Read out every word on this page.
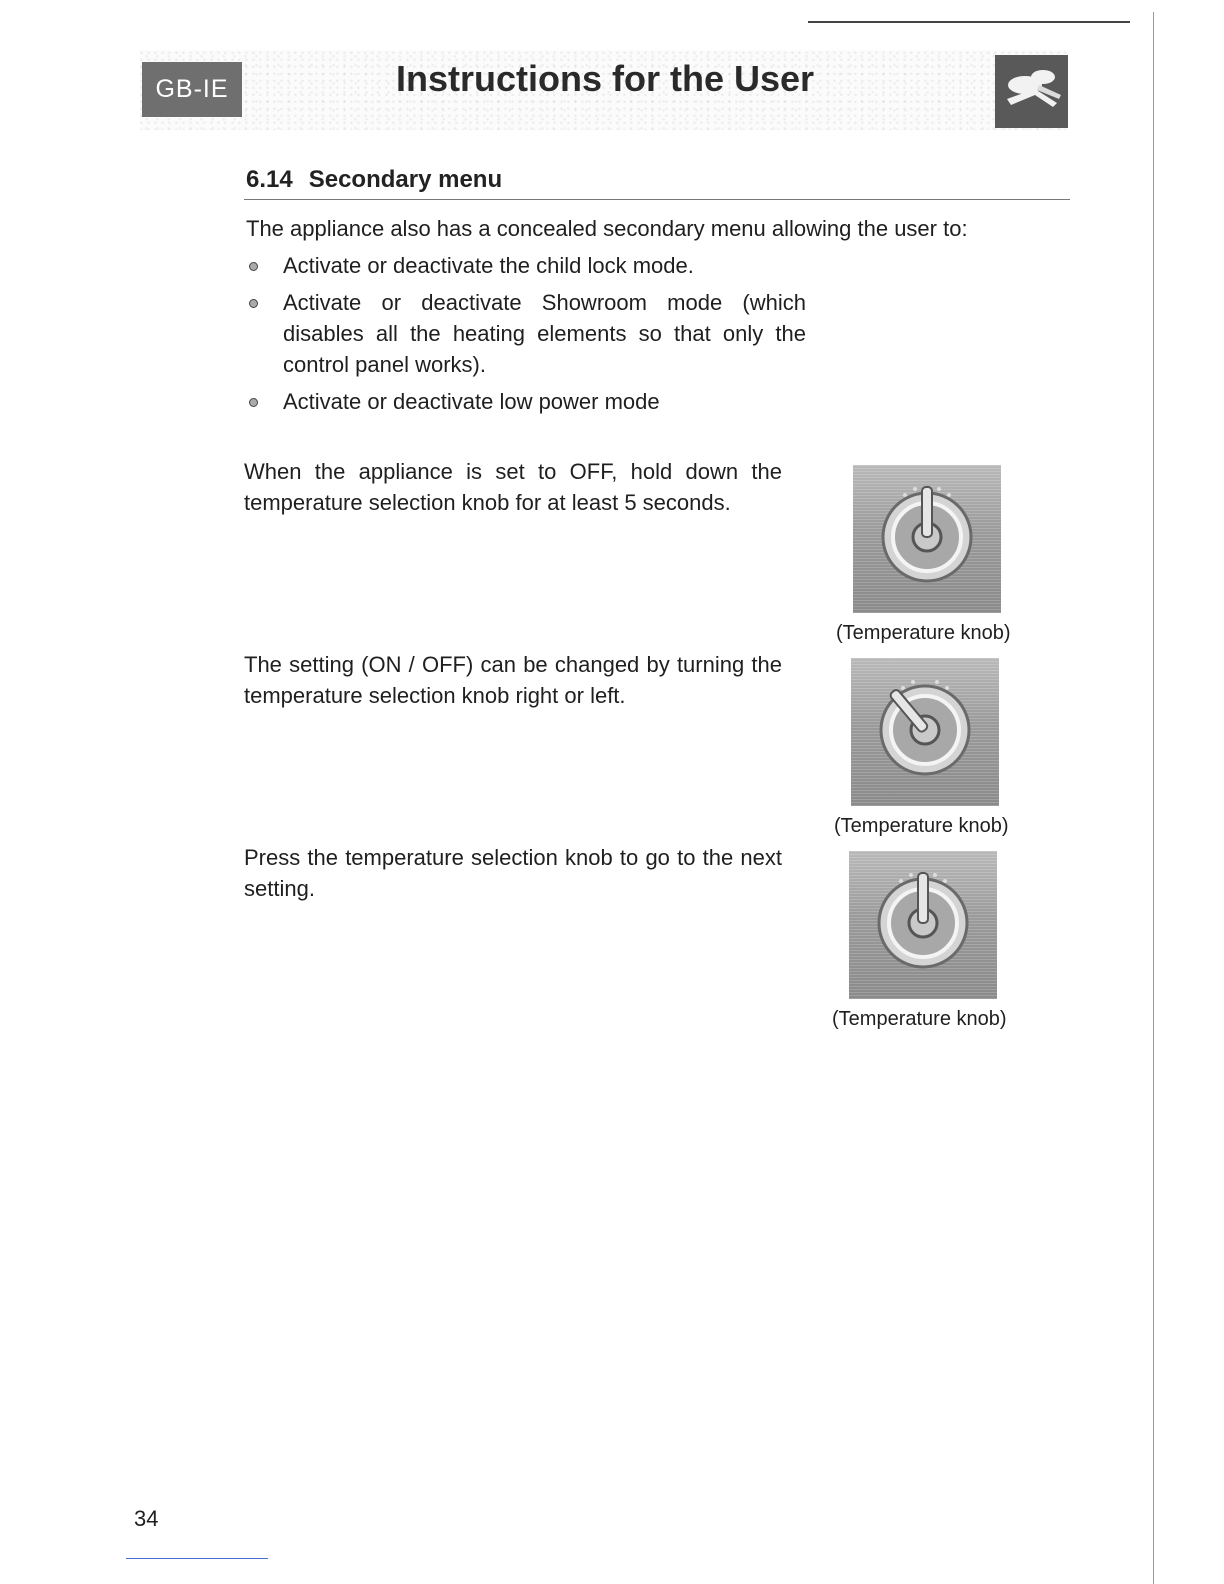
GB-IE	Instructions for the User
6.14 Secondary menu
The appliance also has a concealed secondary menu allowing the user to:
Activate or deactivate the child lock mode.
Activate or deactivate Showroom mode (which disables all the heating elements so that only the control panel works).
Activate or deactivate low power mode
When the appliance is set to OFF, hold down the temperature selection knob for at least 5 seconds.
The setting (ON / OFF) can be changed by turning the temperature selection knob right or left.
Press the temperature selection knob to go to the next setting.
(Temperature knob)
(Temperature knob)
(Temperature knob)
34
